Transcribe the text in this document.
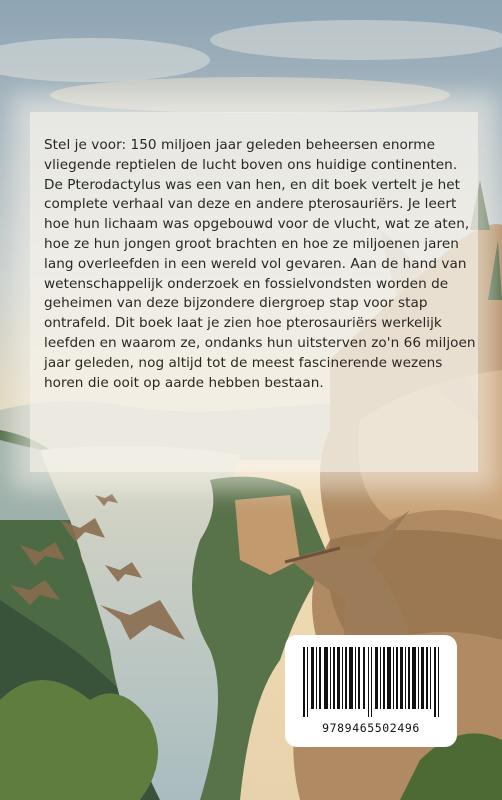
Stel je voor: 150 miljoen jaar geleden beheersen enorme vliegende reptielen de lucht boven ons huidige continenten. De Pterodactylus was een van hen, en dit boek vertelt je het complete verhaal van deze en andere pterosauriërs. Je leert hoe hun lichaam was opgebouwd voor de vlucht, wat ze aten, hoe ze hun jongen groot brachten en hoe ze miljoenen jaren lang overleefden in een wereld vol gevaren. Aan de hand van wetenschappelijk onderzoek en fossielvondsten worden de geheimen van deze bijzondere diergroep stap voor stap ontrafeld. Dit boek laat je zien hoe pterosauriërs werkelijk leefden en waarom ze, ondanks hun uitsterven zo'n 66 miljoen jaar geleden, nog altijd tot de meest fascinerende wezens horen die ooit op aarde hebben bestaan.

9789465502496
